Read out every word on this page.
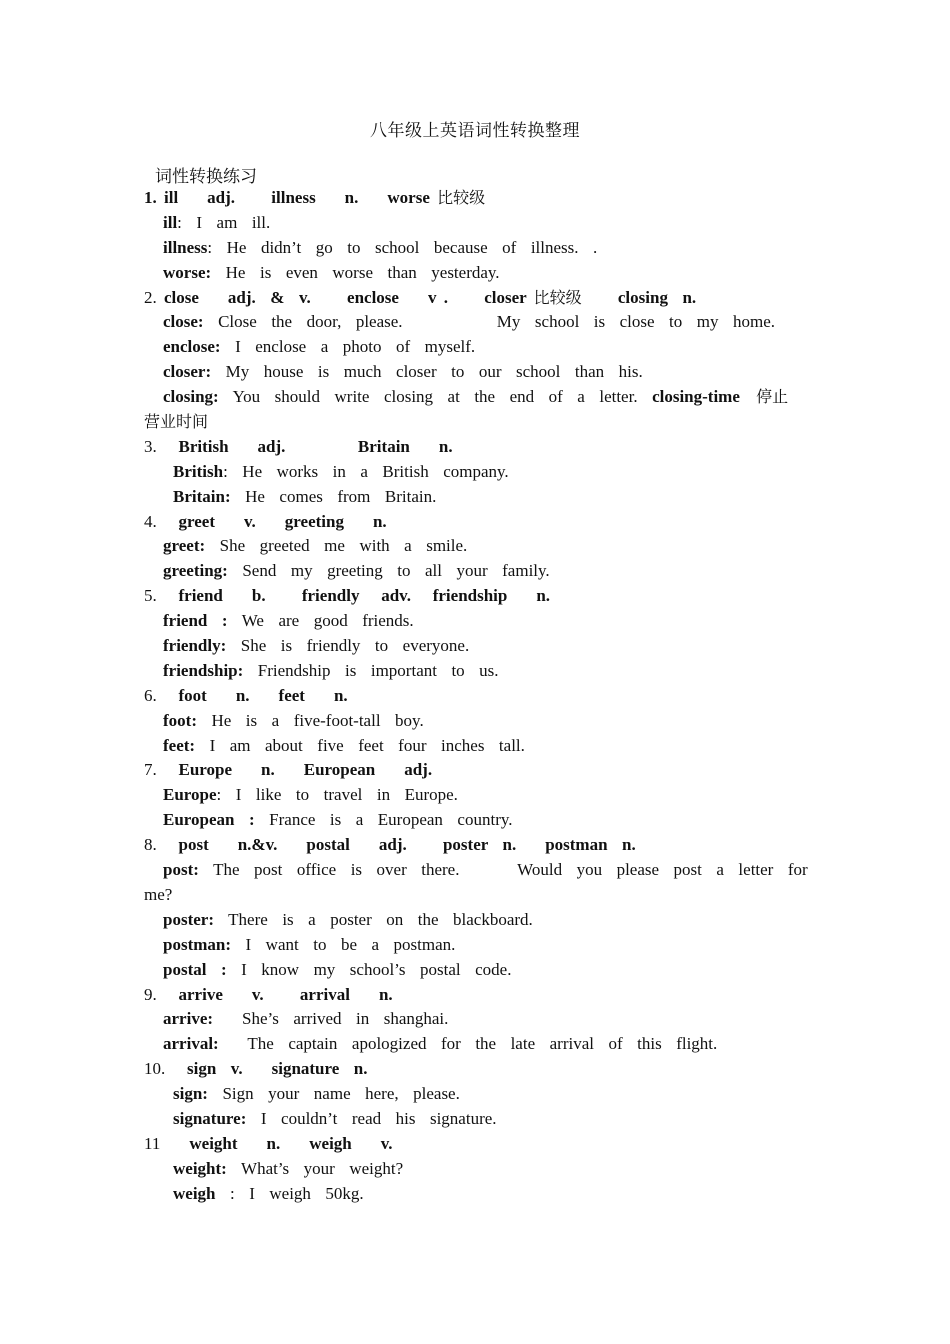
八年级上英语词性转换整理
词性转换练习
1. ill    adj.     illness    n.    worse 比较级
ill:  I  am  ill.
illness:  He  didn’t  go  to  school  because  of  illness.  .
worse:  He  is  even  worse  than  yesterday.
2. close    adj.  &  v.     enclose    v .     closer 比较级     closing  n.
close:  Close  the  door,  please.             My  school  is  close  to  my  home.
enclose:  I  enclose  a  photo  of  myself.
closer:  My  house  is  much  closer  to  our  school  than  his.
closing:  You  should  write  closing  at  the  end  of  a  letter.  closing-time  停止
营业时间
3.   British    adj.          Britain    n.
British:  He  works  in  a  British  company.
Britain:  He  comes  from  Britain.
4.   greet    v.    greeting    n.
greet:  She  greeted  me  with  a  smile.
greeting:  Send  my  greeting  to  all  your  family.
5.   friend    b.     friendly   adv.   friendship    n.
friend  :  We  are  good  friends.
friendly:  She  is  friendly  to  everyone.
friendship:  Friendship  is  important  to  us.
6.   foot    n.    feet    n.
foot:  He  is  a  five-foot-tall  boy.
feet:  I  am  about  five  feet  four  inches  tall.
7.   Europe    n.    European    adj.
Europe:  I  like  to  travel  in  Europe.
European  :  France  is  a  European  country.
8.   post    n.&v.    postal    adj.     poster  n.    postman  n.
post:  The  post  office  is  over  there.        Would  you  please  post  a  letter  for
me?
poster:  There  is  a  poster  on  the  blackboard.
postman:  I  want  to  be  a  postman.
postal  :  I  know  my  school’s  postal  code.
9.   arrive    v.     arrival    n.
arrive:    She’s  arrived  in  shanghai.
arrival:    The  captain  apologized  for  the  late  arrival  of  this  flight.
10.   sign  v.    signature  n.
sign:  Sign  your  name  here,  please.
signature:  I  couldn’t  read  his  signature.
11    weight    n.    weigh    v.
weight:  What’s  your  weight?
weigh  :  I  weigh  50kg.
